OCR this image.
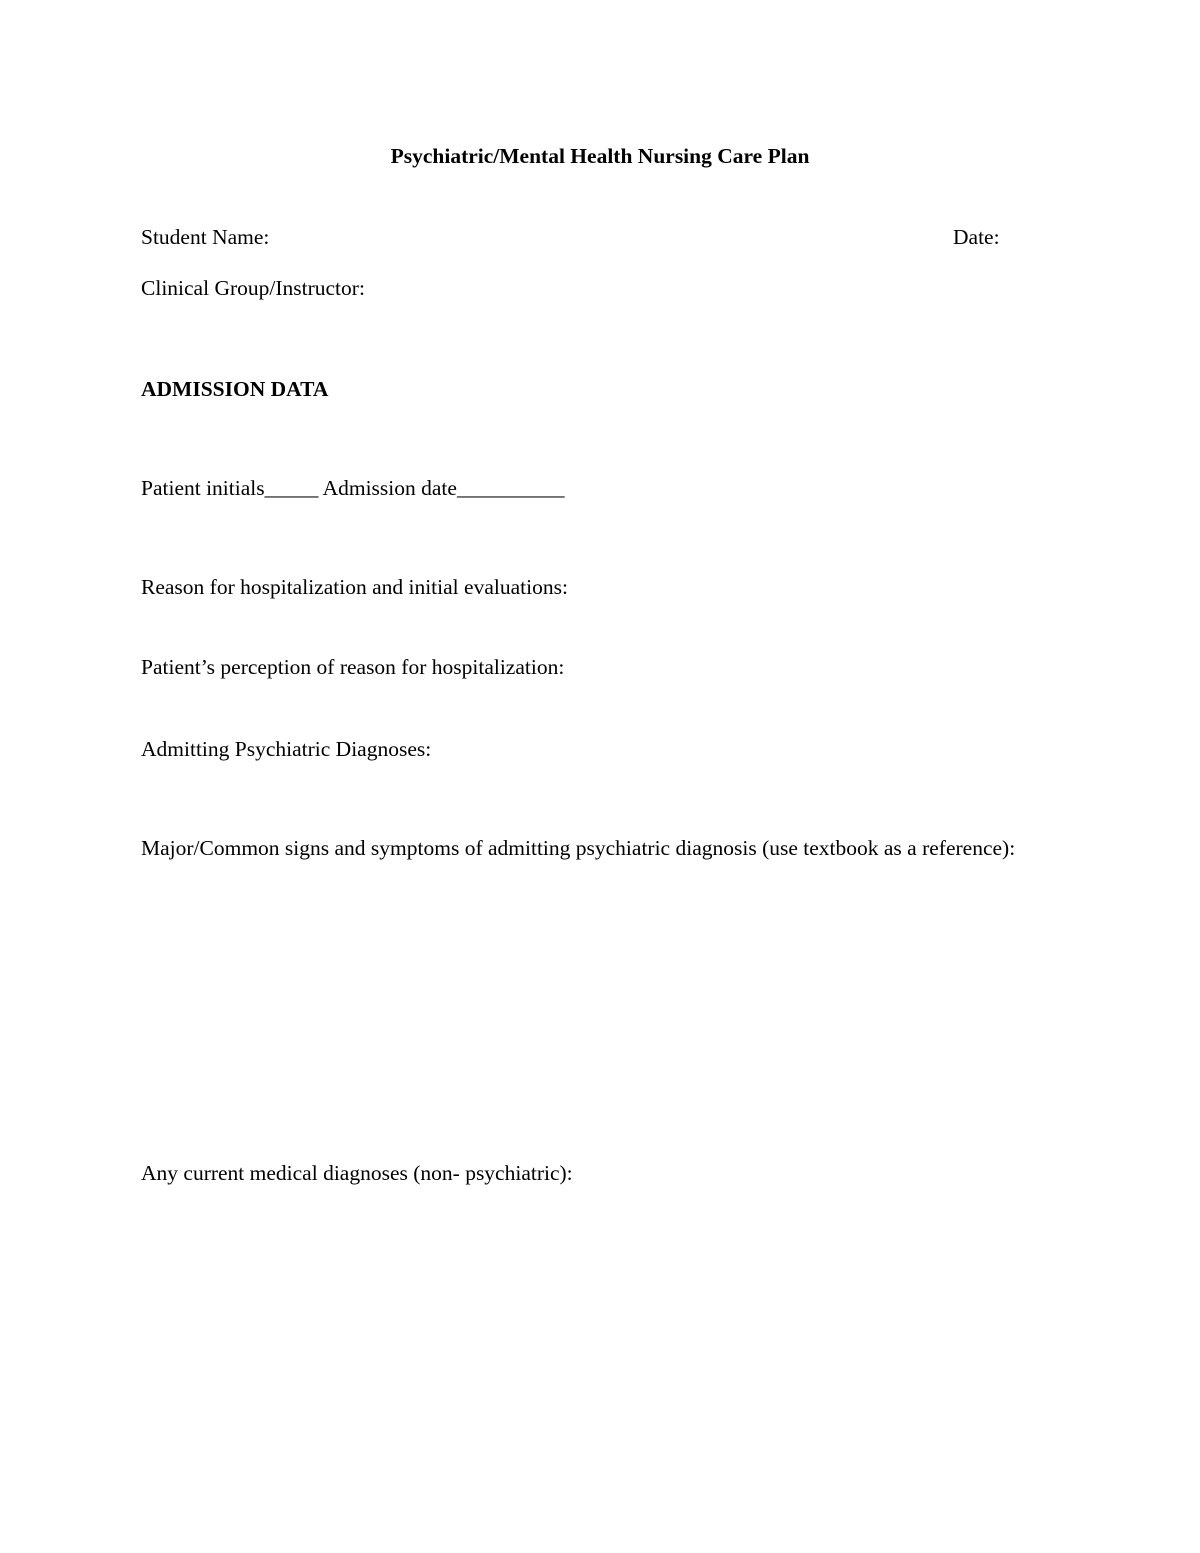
Psychiatric/Mental Health Nursing Care Plan
Student Name:	Date:
Clinical Group/Instructor:
ADMISSION DATA
Patient initials_____ Admission date__________
Reason for hospitalization and initial evaluations:
Patient’s perception of reason for hospitalization:
Admitting Psychiatric Diagnoses:
Major/Common signs and symptoms of admitting psychiatric diagnosis (use textbook as a reference):
Any current medical diagnoses (non- psychiatric):
